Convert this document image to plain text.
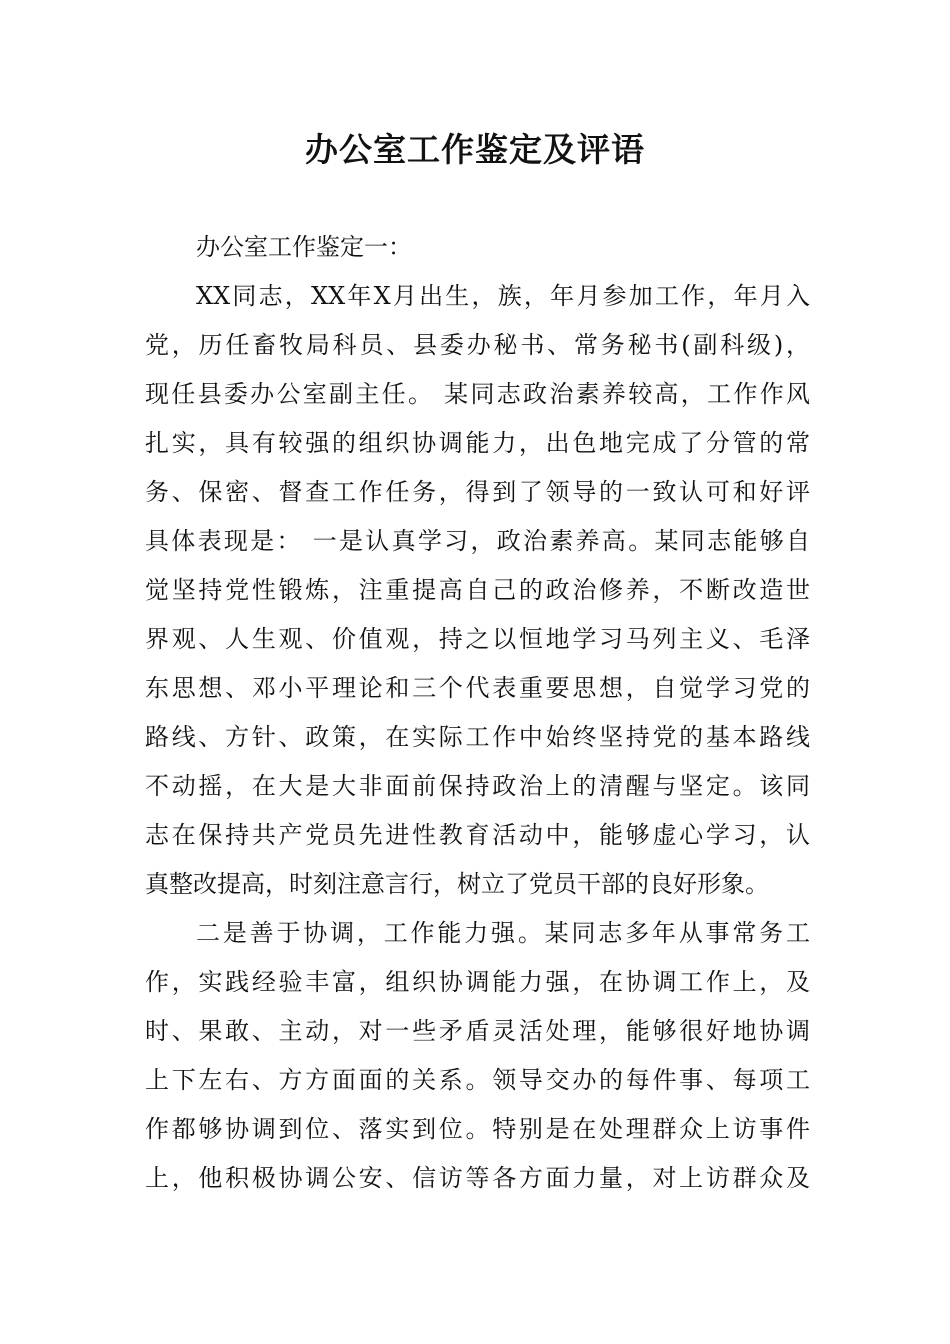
办公室工作鉴定及评语
办公室工作鉴定一：
XX同志，XX年X月出生，族，年月参加工作，年月入
党，历任畜牧局科员、县委办秘书、常务秘书(副科级)，
现任县委办公室副主任。 某同志政治素养较高，工作作风
扎实，具有较强的组织协调能力，出色地完成了分管的常
务、保密、督查工作任务，得到了领导的一致认可和好评
具体表现是： 一是认真学习，政治素养高。某同志能够自
觉坚持党性锻炼，注重提高自己的政治修养，不断改造世
界观、人生观、价值观，持之以恒地学习马列主义、毛泽
东思想、邓小平理论和三个代表重要思想，自觉学习党的
路线、方针、政策，在实际工作中始终坚持党的基本路线
不动摇，在大是大非面前保持政治上的清醒与坚定。该同
志在保持共产党员先进性教育活动中，能够虚心学习，认
真整改提高，时刻注意言行，树立了党员干部的良好形象。
二是善于协调，工作能力强。某同志多年从事常务工
作，实践经验丰富，组织协调能力强，在协调工作上，及
时、果敢、主动，对一些矛盾灵活处理，能够很好地协调
上下左右、方方面面的关系。领导交办的每件事、每项工
作都够协调到位、落实到位。特别是在处理群众上访事件
上，他积极协调公安、信访等各方面力量，对上访群众及
